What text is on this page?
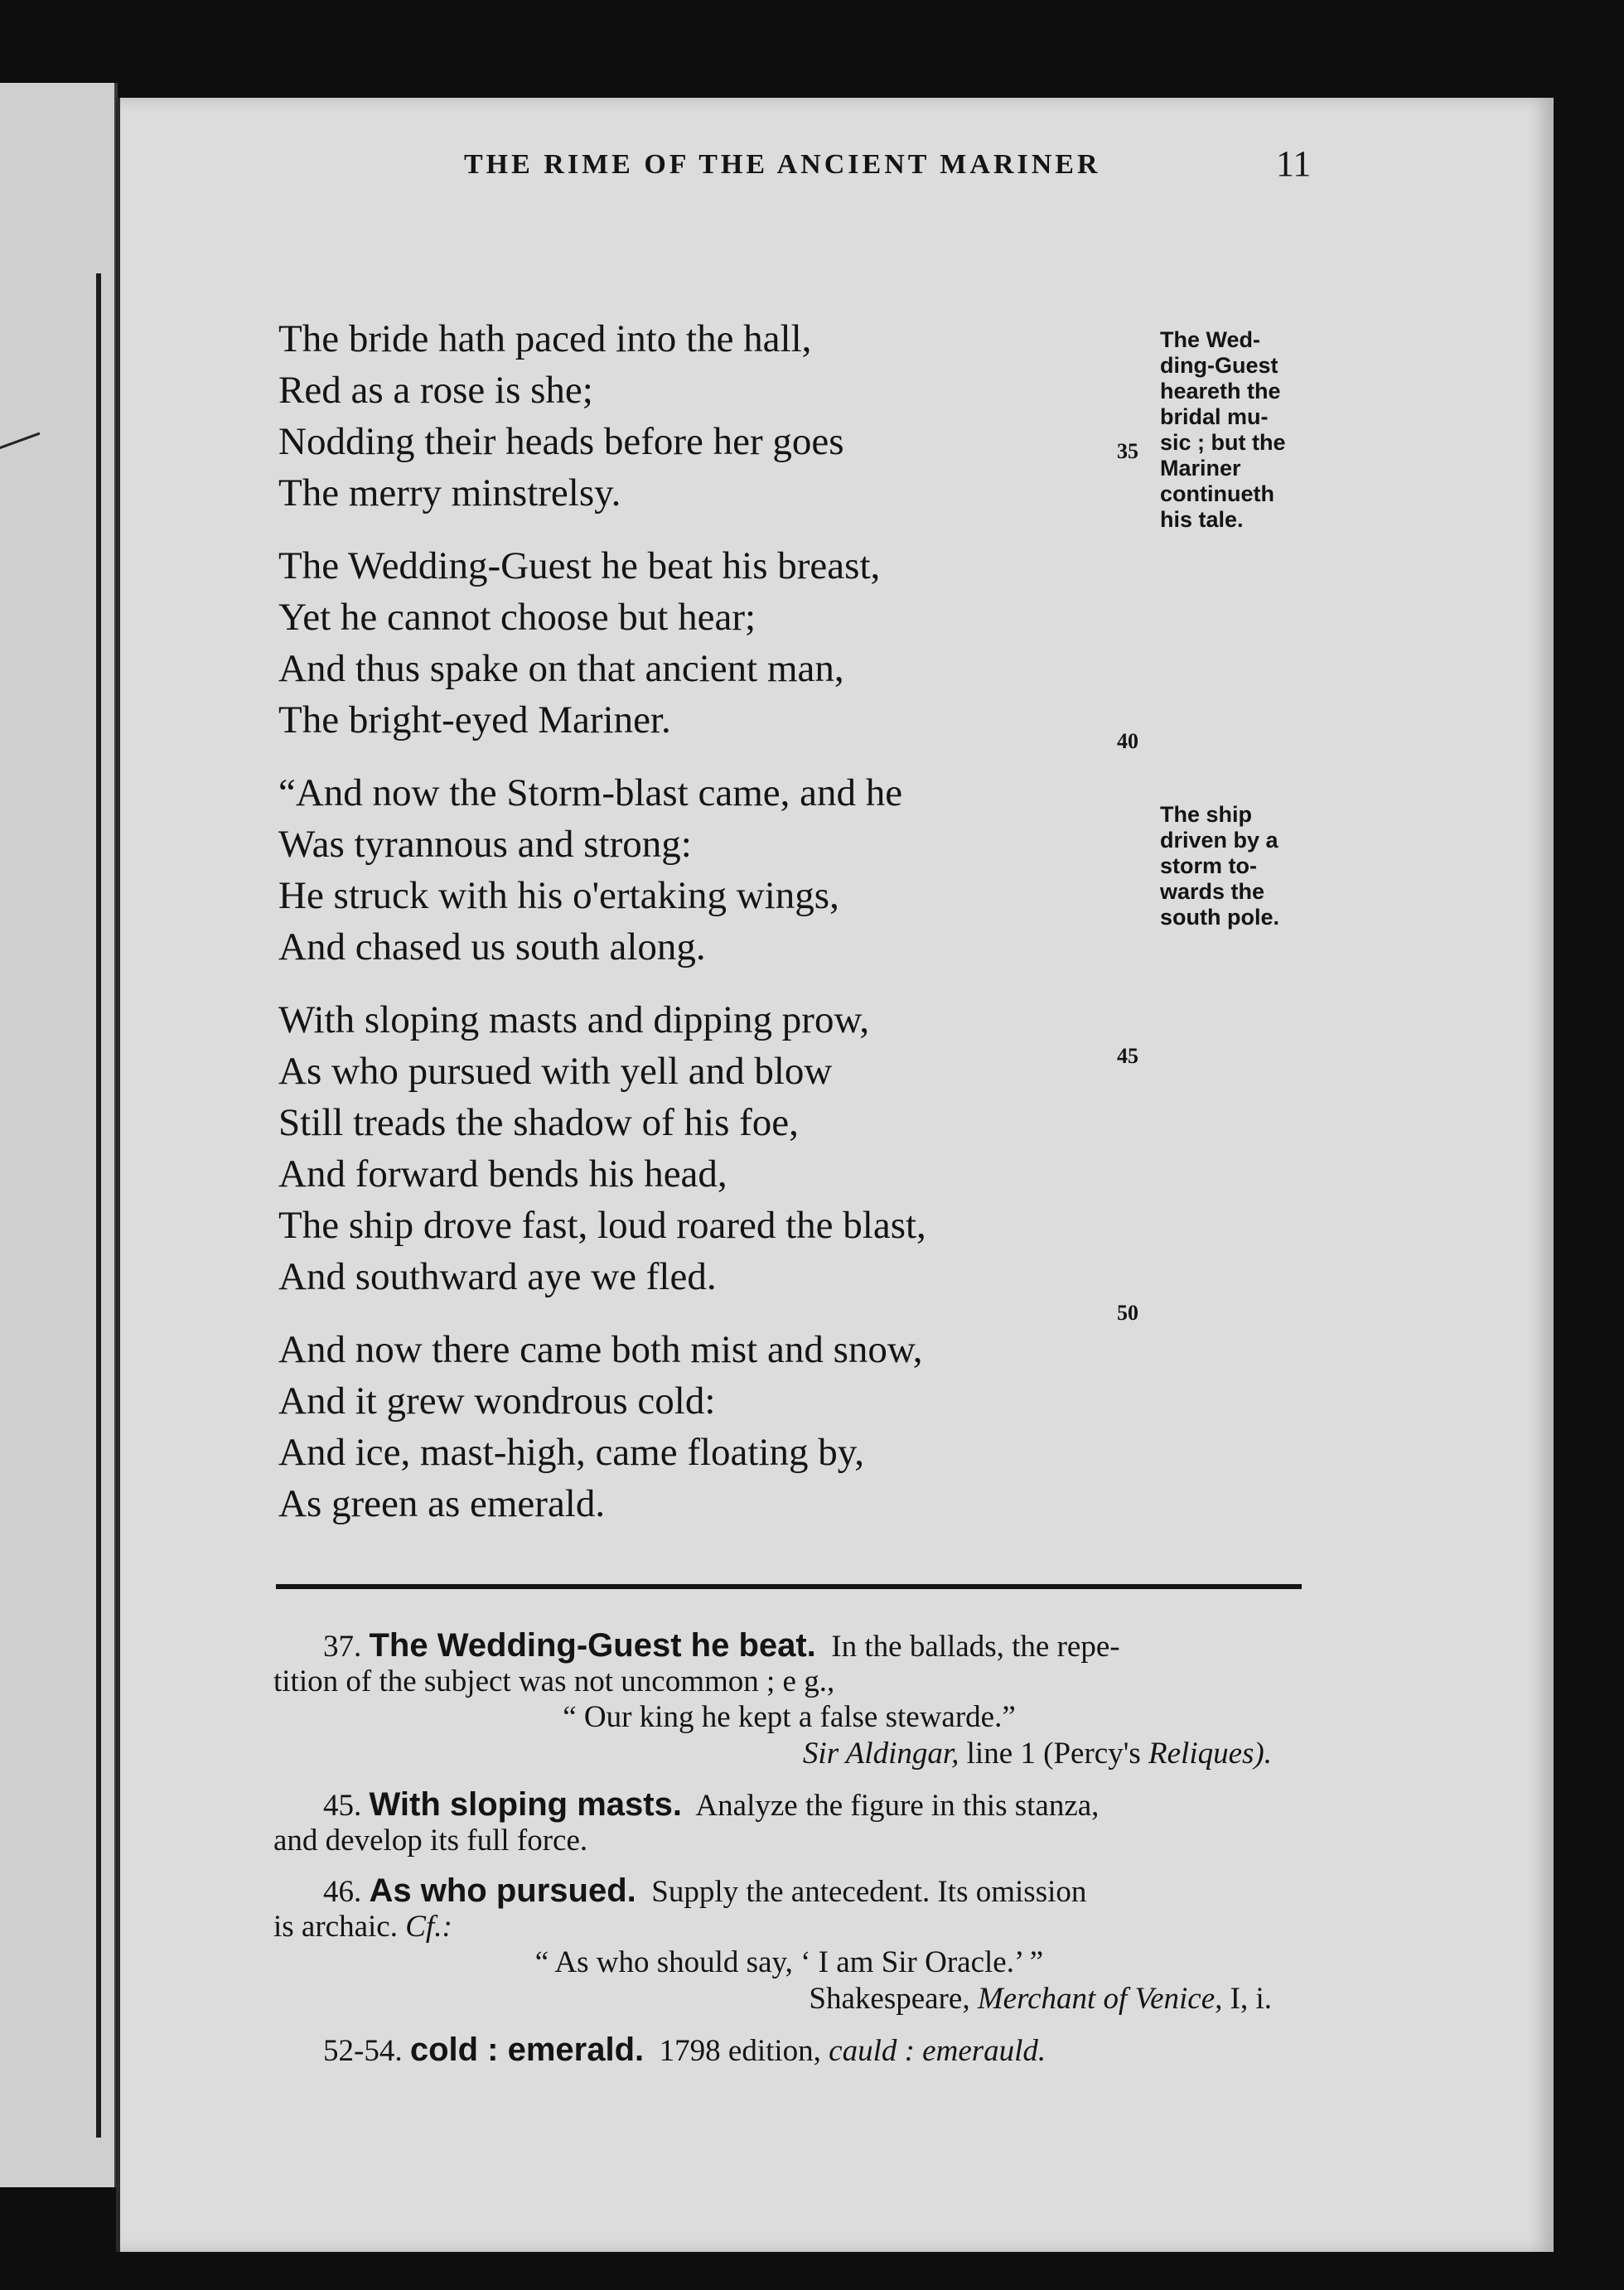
THE RIME OF THE ANCIENT MARINER	11
The bride hath paced into the hall,
Red as a rose is she;
Nodding their heads before her goes
The merry minstrelsy.
The Wedding-Guest he beat his breast,
Yet he cannot choose but hear;
And thus spake on that ancient man,
The bright-eyed Mariner.
“And now the Storm-blast came, and he
Was tyrannous and strong:
He struck with his o'ertaking wings,
And chased us south along.
With sloping masts and dipping prow,
As who pursued with yell and blow
Still treads the shadow of his foe,
And forward bends his head,
The ship drove fast, loud roared the blast,
And southward aye we fled.
And now there came both mist and snow,
And it grew wondrous cold:
And ice, mast-high, came floating by,
As green as emerald.
35
40
45
50
The Wed-
ding-Guest
heareth the
bridal mu-
sic ; but the
Mariner
continueth
his tale.
The ship
driven by a
storm to-
wards the
south pole.
37. The Wedding-Guest he beat. In the ballads, the repe-
tition of the subject was not uncommon ; e g.,
“ Our king he kept a false stewarde.”
Sir Aldingar, line 1 (Percy's Reliques).
45. With sloping masts. Analyze the figure in this stanza,
and develop its full force.
46. As who pursued. Supply the antecedent. Its omission
is archaic. Cf.:
“ As who should say, ‘ I am Sir Oracle.’ ”
Shakespeare, Merchant of Venice, I, i.
52-54. cold : emerald. 1798 edition, cauld : emerauld.
